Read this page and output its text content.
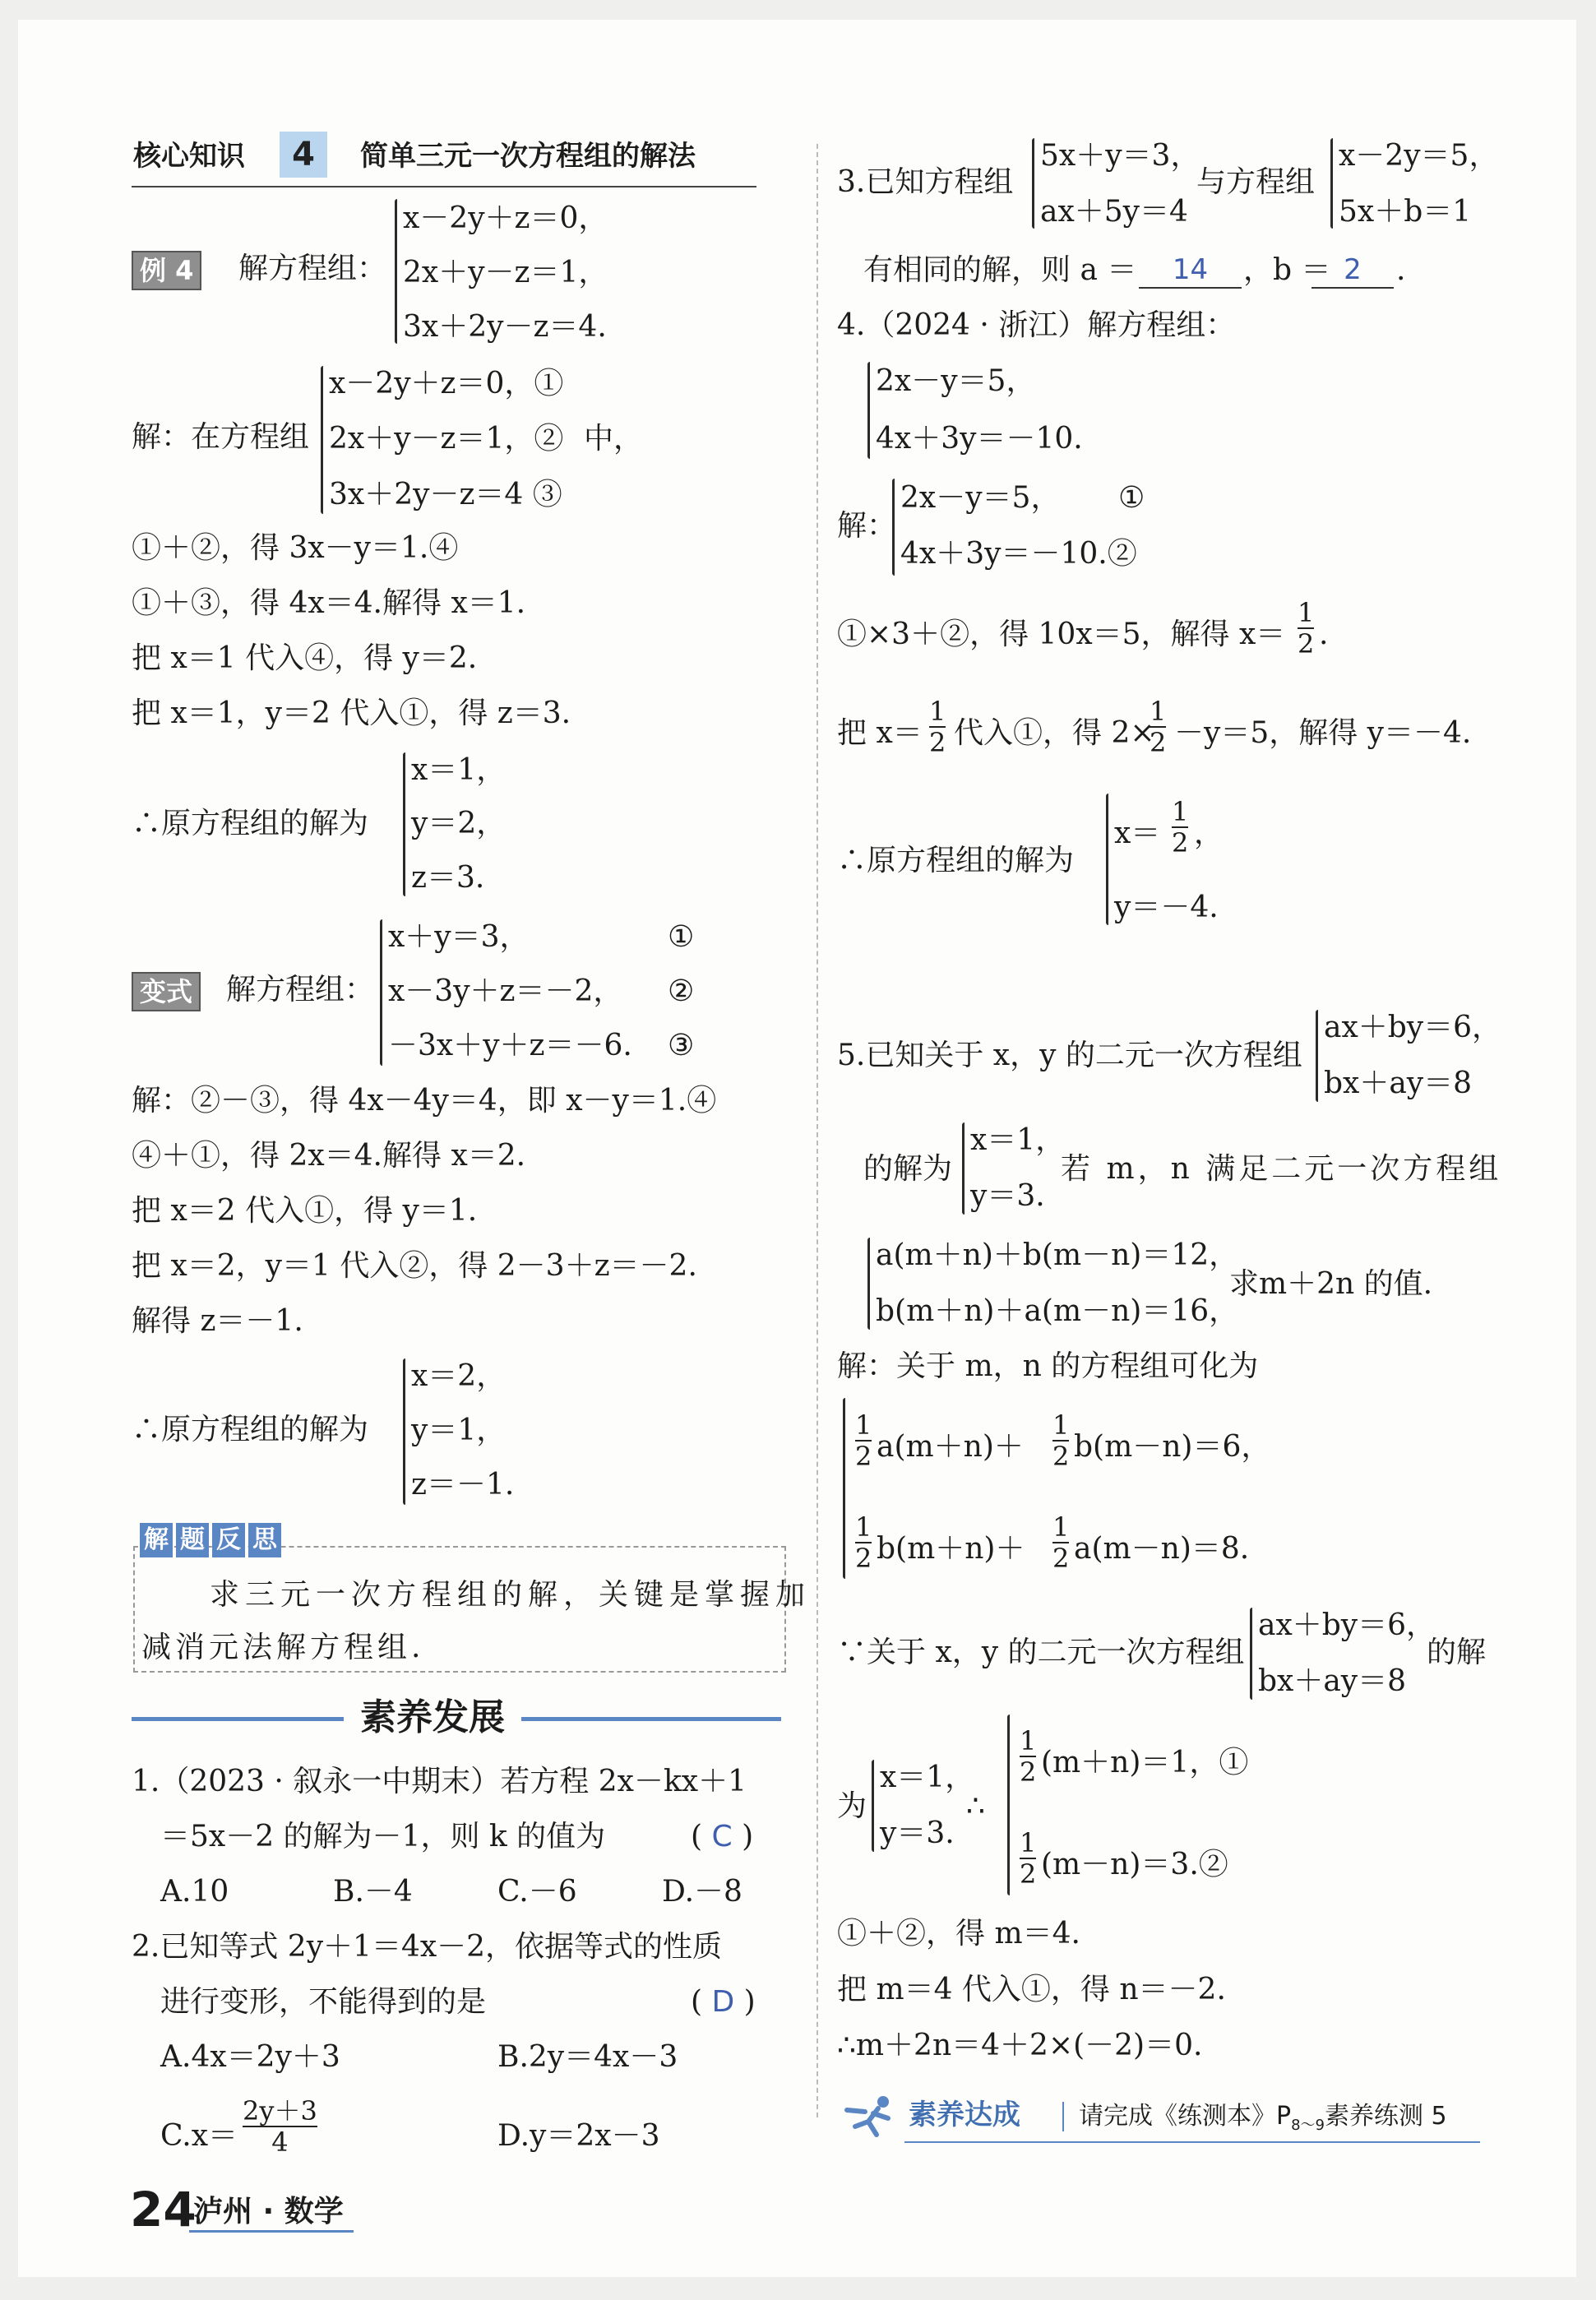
核心知识	4	简单三元一次方程组的解法
例 4 解方程组：
x－2y＋z＝0，
2x＋y－z＝1，
3x＋2y－z＝4.
解：在方程组
x－2y＋z＝0，①
2x＋y－z＝1，②
3x＋2y－z＝4 ③
中，
①＋②，得 3x－y＝1.④
①＋③，得 4x＝4.解得 x＝1.
把 x＝1 代入④，得 y＝2.
把 x＝1，y＝2 代入①，得 z＝3.
∴原方程组的解为
x＝1，
y＝2，
z＝3.
变式 解方程组：
x＋y＝3，
x－3y＋z＝－2，
－3x＋y＋z＝－6.
①
②
③
解：②－③，得 4x－4y＝4，即 x－y＝1.④
④＋①，得 2x＝4.解得 x＝2.
把 x＝2 代入①，得 y＝1.
把 x＝2，y＝1 代入②，得 2－3＋z＝－2.
解得 z＝－1.
∴原方程组的解为
x＝2，
y＝1，
z＝－1.
解 题 反 思
求三元一次方程组的解，关键是掌握加
减消元法解方程组.
素养发展
1.（2023 · 叙永一中期末）若方程 2x－kx＋1
＝5x－2 的解为－1，则 k 的值为	( C )
A.10	B.－4	C.－6	D.－8
2.已知等式 2y＋1＝4x－2，依据等式的性质
进行变形，不能得到的是	( D )
A.4x＝2y＋3	B.2y＝4x－3
C.x＝
2y＋3
4	D.y＝2x－3
24
泸州 · 数学
3.已知方程组
5x＋y＝3，
ax＋5y＝4
与方程组
x－2y＝5，
5x＋b＝1
有相同的解，则 a ＝	14	，b ＝ 2	.
4.（2024 · 浙江）解方程组：
2x－y＝5，
4x＋3y＝－10.
解：
2x－y＝5，
4x＋3y＝－10.②
①
①×3＋②，得 10x＝5，解得 x＝
1
2 .
把 x＝
1
2 代入①，得 2×
1
2 －y＝5，解得 y＝－4.
∴原方程组的解为
x＝
1
2 ，
y＝－4.
5.已知关于 x，y 的二元一次方程组
ax＋by＝6，
bx＋ay＝8
的解为
x＝1，
y＝3.
若 m，n 满足二元一次方程组
a(m＋n)＋b(m－n)＝12，
b(m＋n)＋a(m－n)＝16，
求m＋2n 的值.
解：关于 m，n 的方程组可化为
1
2 a(m＋n)＋
1
2 b(m－n)＝6，
1
2 b(m＋n)＋
1
2 a(m－n)＝8.
∵关于 x，y 的二元一次方程组
ax＋by＝6，
bx＋ay＝8
的解
为
x＝1，
y＝3.
∴
1
2 (m＋n)＝1，①
1
2 (m－n)＝3.②
①＋②，得 m＝4.
把 m＝4 代入①，得 n＝－2.
∴m＋2n＝4＋2×(－2)＝0.
素养达成 请完成《练测本》$P_{8\sim 9}$素养练测 5
